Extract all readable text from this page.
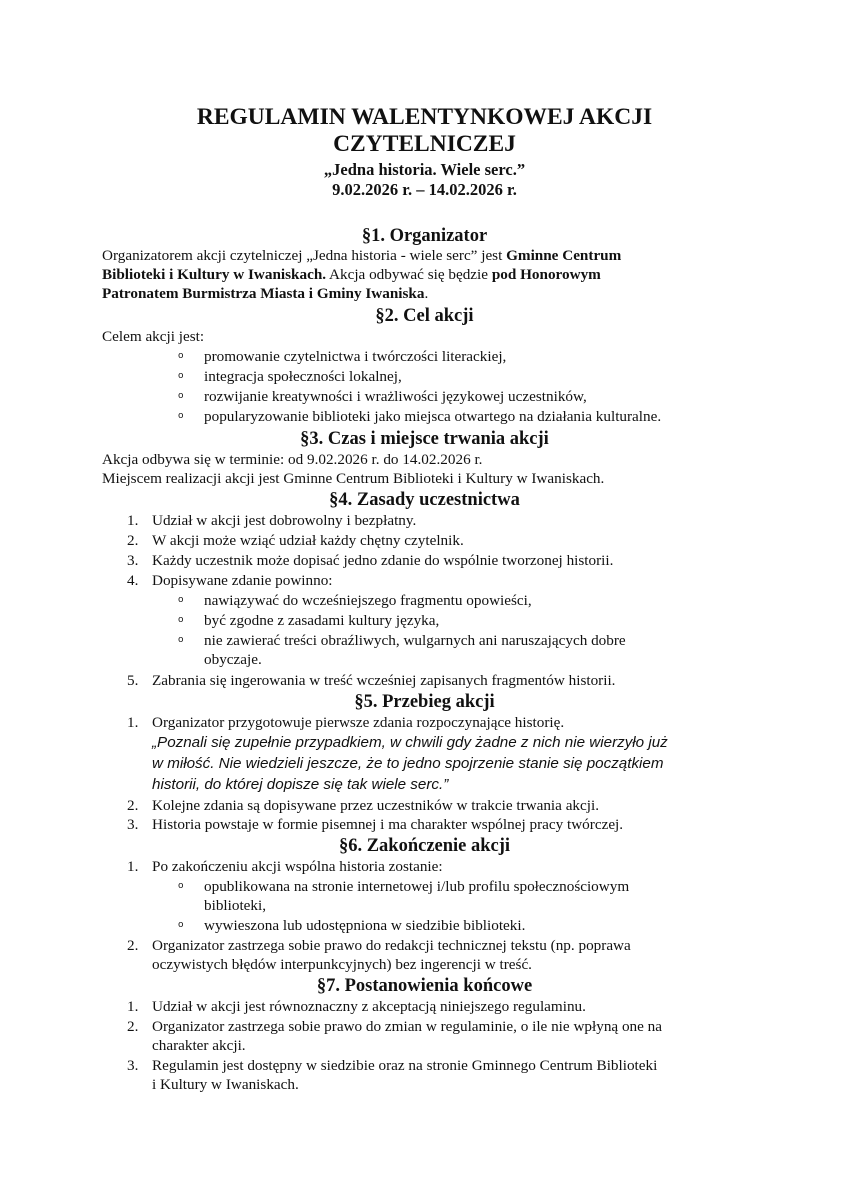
REGULAMIN WALENTYNKOWEJ AKCJI
CZYTELNICZEJ
„Jedna historia. Wiele serc.”
9.02.2026 r. – 14.02.2026 r.
§1. Organizator
Organizatorem akcji czytelniczej „Jedna historia - wiele serc” jest Gminne Centrum
Biblioteki i Kultury w Iwaniskach. Akcja odbywać się będzie pod Honorowym
Patronatem Burmistrza Miasta i Gminy Iwaniska.
§2. Cel akcji
Celem akcji jest:
o promowanie czytelnictwa i twórczości literackiej,
o integracja społeczności lokalnej,
o rozwijanie kreatywności i wrażliwości językowej uczestników,
o popularyzowanie biblioteki jako miejsca otwartego na działania kulturalne.
§3. Czas i miejsce trwania akcji
Akcja odbywa się w terminie: od 9.02.2026 r. do 14.02.2026 r.
Miejscem realizacji akcji jest Gminne Centrum Biblioteki i Kultury w Iwaniskach.
§4. Zasady uczestnictwa
1. Udział w akcji jest dobrowolny i bezpłatny.
2. W akcji może wziąć udział każdy chętny czytelnik.
3. Każdy uczestnik może dopisać jedno zdanie do wspólnie tworzonej historii.
4. Dopisywane zdanie powinno:
o nawiązywać do wcześniejszego fragmentu opowieści,
o być zgodne z zasadami kultury języka,
o nie zawierać treści obraźliwych, wulgarnych ani naruszających dobre
obyczaje.
5. Zabrania się ingerowania w treść wcześniej zapisanych fragmentów historii.
§5. Przebieg akcji
1. Organizator przygotowuje pierwsze zdania rozpoczynające historię.
„Poznali się zupełnie przypadkiem, w chwili gdy żadne z nich nie wierzyło już
w miłość. Nie wiedzieli jeszcze, że to jedno spojrzenie stanie się początkiem
historii, do której dopisze się tak wiele serc.”
2. Kolejne zdania są dopisywane przez uczestników w trakcie trwania akcji.
3. Historia powstaje w formie pisemnej i ma charakter wspólnej pracy twórczej.
§6. Zakończenie akcji
1. Po zakończeniu akcji wspólna historia zostanie:
o opublikowana na stronie internetowej i/lub profilu społecznościowym
biblioteki,
o wywieszona lub udostępniona w siedzibie biblioteki.
2. Organizator zastrzega sobie prawo do redakcji technicznej tekstu (np. poprawa
oczywistych błędów interpunkcyjnych) bez ingerencji w treść.
§7. Postanowienia końcowe
1. Udział w akcji jest równoznaczny z akceptacją niniejszego regulaminu.
2. Organizator zastrzega sobie prawo do zmian w regulaminie, o ile nie wpłyną one na
charakter akcji.
3. Regulamin jest dostępny w siedzibie oraz na stronie Gminnego Centrum Biblioteki
i Kultury w Iwaniskach.
